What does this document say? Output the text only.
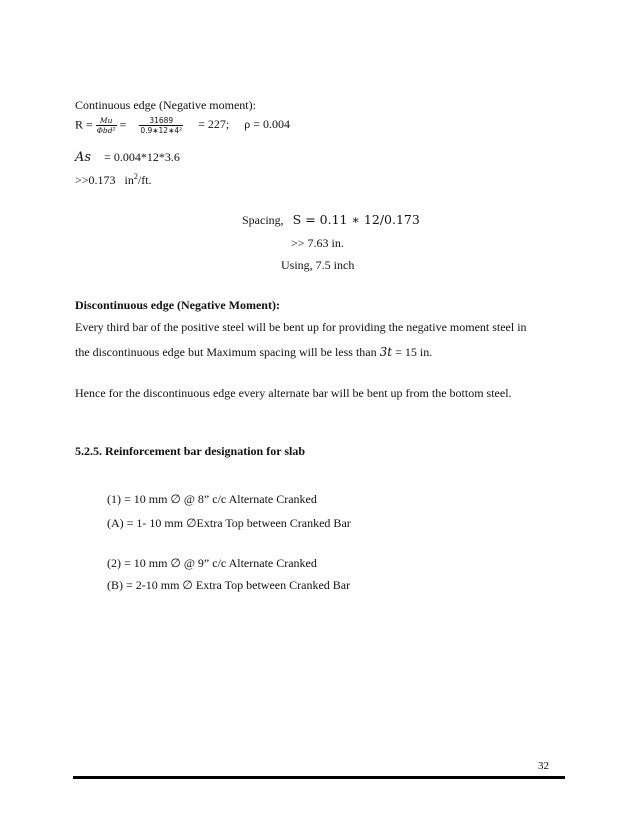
Continuous edge (Negative moment):
$R = \frac{Mu}{\text{Φbd²}} = \frac{31689}{\text{0.9∗12∗4²}} = 227$; ρ = 0.004
As = 0.004*12*3.6
>>0.173 $in^2/ft$.
Spacing, S = 0.11 ∗ 12/0.173
>> 7.63 in.
Using, 7.5 inch
Discontinuous edge (Negative Moment):
Every third bar of the positive steel will be bent up for providing the negative moment steel in
the discontinuous edge but Maximum spacing will be less than 3t = 15 in.
Hence for the discontinuous edge every alternate bar will be bent up from the bottom steel.
5.2.5. Reinforcement bar designation for slab
(1) = 10 mm ∅ @ 8” c/c Alternate Cranked
(A) = 1- 10 mm ∅Extra Top between Cranked Bar
(2) = 10 mm ∅ @ 9” c/c Alternate Cranked
(B) = 2-10 mm ∅ Extra Top between Cranked Bar
32
